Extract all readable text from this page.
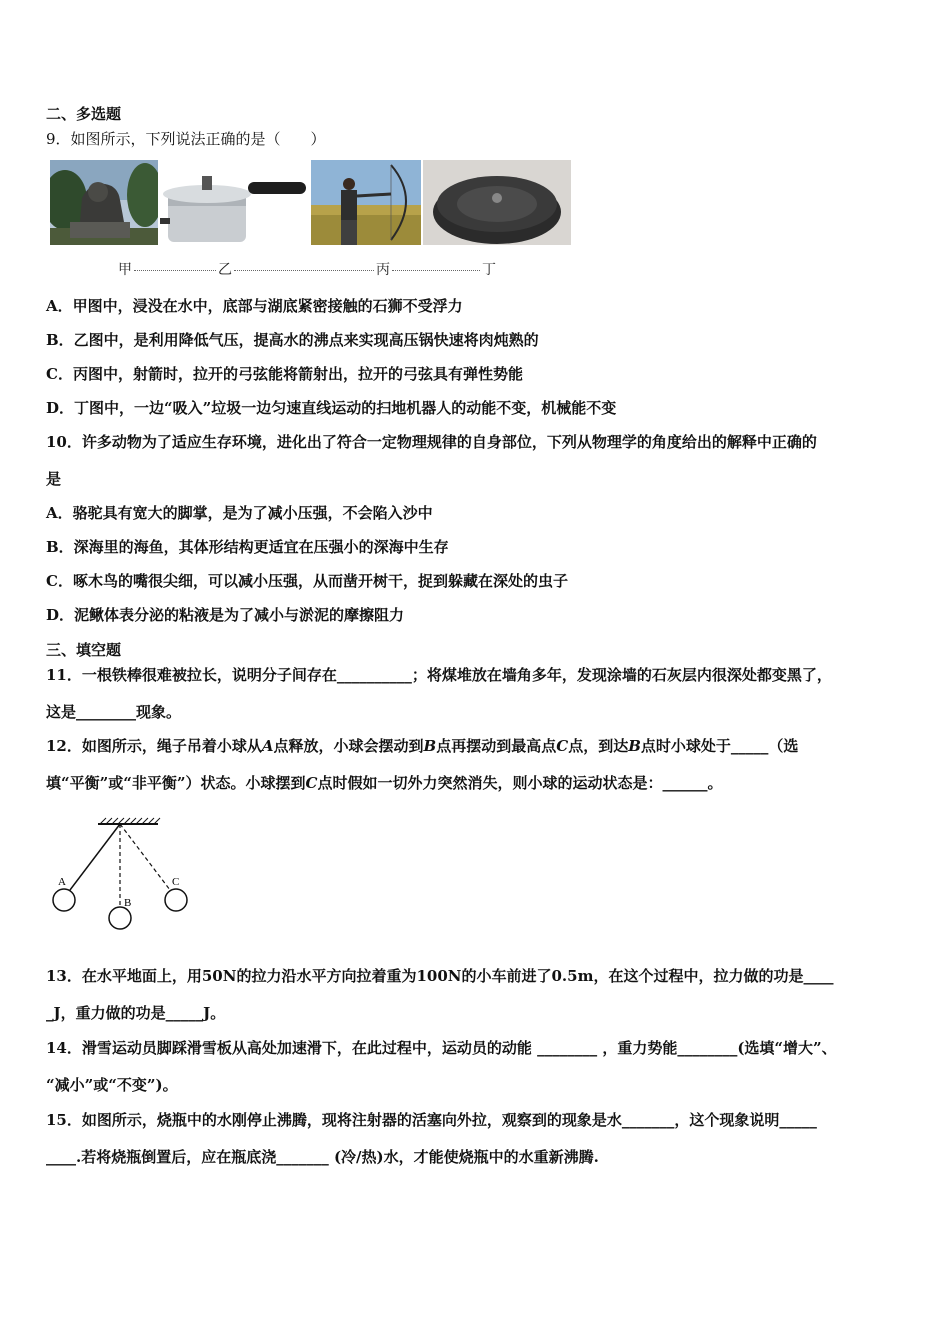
二、多选题
9．如图所示，下列说法正确的是（　　）
甲	乙	丙	丁
A．甲图中，浸没在水中，底部与湖底紧密接触的石狮不受浮力
B．乙图中，是利用降低气压，提高水的沸点来实现高压锅快速将肉炖熟的
C．丙图中，射箭时，拉开的弓弦能将箭射出，拉开的弓弦具有弹性势能
D．丁图中，一边“吸入”垃圾一边匀速直线运动的扫地机器人的动能不变，机械能不变
10．许多动物为了适应生存环境，进化出了符合一定物理规律的自身部位，下列从物理学的角度给出的解释中正确的
是
A．骆驼具有宽大的脚掌，是为了减小压强，不会陷入沙中
B．深海里的海鱼，其体形结构更适宜在压强小的深海中生存
C．啄木鸟的嘴很尖细，可以减小压强，从而凿开树干，捉到躲藏在深处的虫子
D．泥鳅体表分泌的粘液是为了减小与淤泥的摩擦阻力
三、填空题
11．一根铁棒很难被拉长，说明分子间存在__________；将煤堆放在墙角多年，发现涂墙的石灰层内很深处都变黑了，
这是________现象。
12．如图所示，绳子吊着小球从A点释放，小球会摆动到B点再摆动到最高点C点，到达B点时小球处于_____（选
填“平衡”或“非平衡”）状态。小球摆到C点时假如一切外力突然消失，则小球的运动状态是：______。
A
B
C
13．在水平地面上，用50N的拉力沿水平方向拉着重为100N的小车前进了0.5m，在这个过程中，拉力做的功是____
_J，重力做的功是_____J。
14．滑雪运动员脚踩滑雪板从高处加速滑下，在此过程中，运动员的动能 ________ ，重力势能________(选填“增大”、
“减小”或“不变”)。
15．如图所示，烧瓶中的水刚停止沸腾，现将注射器的活塞向外拉，观察到的现象是水_______，这个现象说明_____
____.若将烧瓶倒置后，应在瓶底浇_______ (冷/热)水，才能使烧瓶中的水重新沸腾.
